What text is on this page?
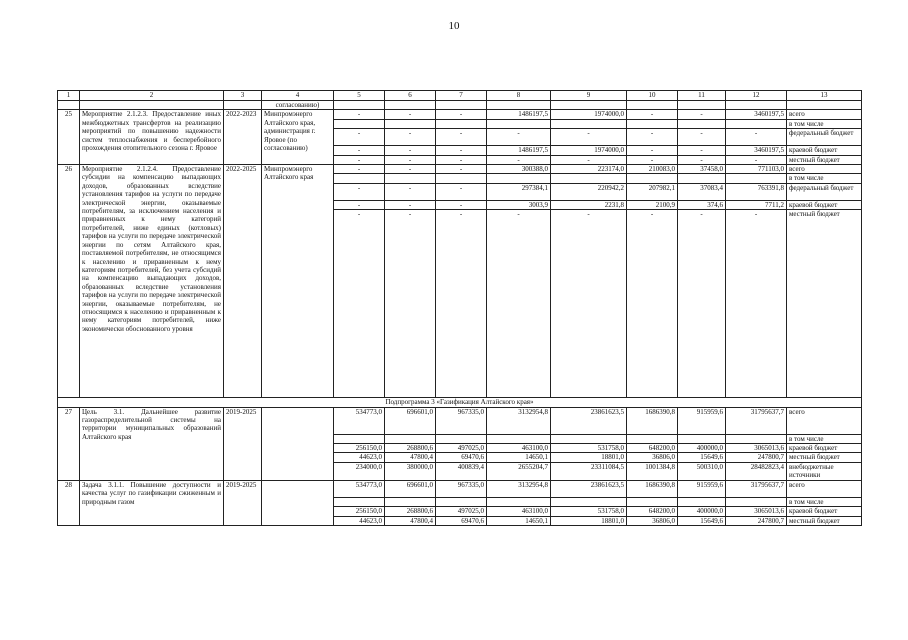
10
1	2	3	4	5	6	7	8	9	10	11	12	13
			согласованию)									
25	Мероприятие 2.1.2.3. Предоставление иных межбюджетных трансфертов на реализацию мероприятий по повышению надежности систем теплоснабжения и бесперебойного прохождения отопительного сезона г. Яровое	2022-2023	Минпромэнерго Алтайского края, администрация г. Яровое (по согласованию)	-	-	-	1486197,5	1974000,0	-	-	3460197,5	всего
												в том числе
				-	-	-	-	-	-	-	-	федеральный бюджет
				-	-	-	1486197,5	1974000,0	-	-	3460197,5	краевой бюджет
				-	-	-	-	-	-	-	-	местный бюджет
26	Мероприятие 2.1.2.4. Предоставление субсидии на компенсацию выпадающих доходов, образованных вследствие установления тарифов на услуги по передаче электрической энергии, оказываемые потребителям, за исключением населения и приравненных к нему категорий потребителей, ниже единых (котловых) тарифов на услуги по передаче электрической энергии по сетям Алтайского края, поставляемой потребителям, не относящимся к населению и приравненным к нему категориям потребителей, без учета субсидий на компенсацию выпадающих доходов, образованных вследствие установления тарифов на услуги по передаче электрической энергии, оказываемые потребителям, не относящимся к населению и приравненным к нему категориям потребителей, ниже экономически обоснованного уровня	2022-2025	Минпромэнерго Алтайского края	-	-	-	300388,0	223174,0	210083,0	37458,0	771103,0	всего
												в том числе
				-	-	-	297384,1	220942,2	207982,1	37083,4	763391,8	федеральный бюджет
				-	-	-	3003,9	2231,8	2100,9	374,6	7711,2	краевой бюджет
				-	-	-	-	-	-	-	-	местный бюджет
Подпрограмма 3 «Газификация Алтайского края»												
27	Цель 3.1. Дальнейшее развитие газораспределительной системы на территории муниципальных образований Алтайского края	2019-2025		534773,0	696601,0	967335,0	3132954,8	23861623,5	1686390,8	915959,6	31795637,7	всего
												в том числе
				256150,0	268800,6	497025,0	463100,0	531758,0	648200,0	400000,0	3065013,6	краевой бюджет
				44623,0	47800,4	69470,6	14650,1	18801,0	36806,0	15649,6	247800,7	местный бюджет
				234000,0	380000,0	400839,4	2655204,7	23311084,5	1001384,8	500310,0	28482823,4	внебюджетные источники
28	Задача 3.1.1. Повышение доступности и качества услуг по газификации сжиженным и природным газом	2019-2025		534773,0	696601,0	967335,0	3132954,8	23861623,5	1686390,8	915959,6	31795637,7	всего
												в том числе
				256150,0	268800,6	497025,0	463100,0	531758,0	648200,0	400000,0	3065013,6	краевой бюджет
				44623,0	47800,4	69470,6	14650,1	18801,0	36806,0	15649,6	247800,7	местный бюджет
